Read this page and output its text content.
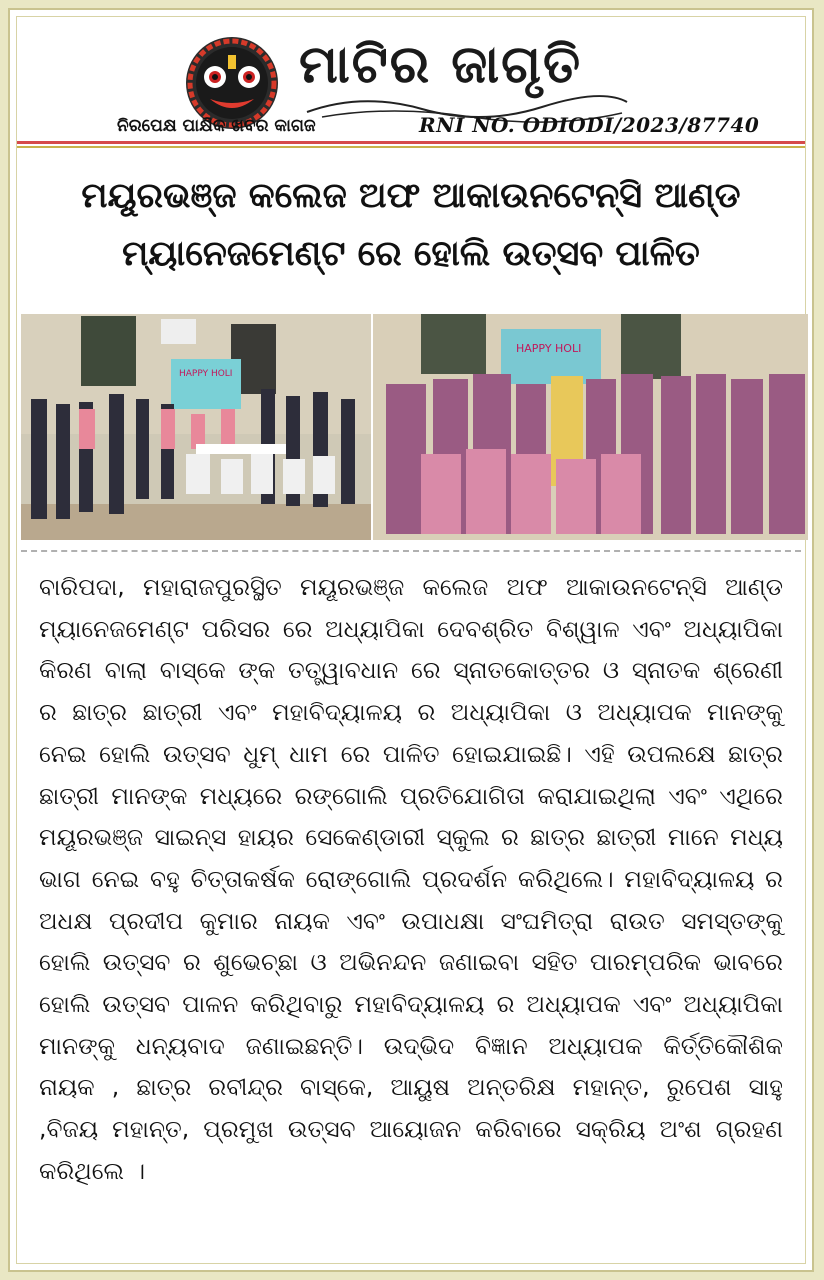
ମାଟିର ଜାଗୃତି
ନିରପେକ୍ଷ ପାକ୍ଷିକ ଖବର କାଗଜ	RNI NO. ODIODI/2023/87740
ମୟୂରଭଞ୍ଜ କଲେଜ ଅଫ ଆକାଉନଟେନ୍ସି ଆଣ୍ଡ ମ୍ୟାନେଜମେଣ୍ଟ ରେ ହୋଲି ଉତ୍ସବ ପାଳିତ
HAPPY HOLI
HAPPY HOLI
ବାରିପଦା, ମହାରାଜପୁରସ୍ଥିତ ମୟୂରଭଞ୍ଜ କଲେଜ ଅଫ ଆକାଉନଟେନ୍ସି ଆଣ୍ଡ ମ୍ୟାନେଜମେଣ୍ଟ ପରିସର ରେ ଅଧ୍ୟାପିକା ଦେବଶ୍ରିତ ବିଶ୍ୱାଳ ଏବଂ ଅଧ୍ୟାପିକା କିରଣ ବାଲା ବାସ୍କେ ଙ୍କ ତତ୍ତ୍ୱାବଧାନ ରେ ସ୍ନାତକୋତ୍ତର ଓ ସ୍ନାତକ ଶ୍ରେଣୀ ର ଛାତ୍ର ଛାତ୍ରୀ ଏବଂ ମହାବିଦ୍ୟାଳୟ ର ଅଧ୍ୟାପିକା ଓ ଅଧ୍ୟାପକ ମାନଙ୍କୁ ନେଇ ହୋଲି ଉତ୍ସବ ଧୁମ୍ ଧାମ ରେ ପାଳିତ ହୋଇଯାଇଛି। ଏହି ଉପଲକ୍ଷେ ଛାତ୍ର ଛାତ୍ରୀ ମାନଙ୍କ ମଧ୍ୟରେ ରଙ୍ଗୋଲି ପ୍ରତିଯୋଗିତା କରାଯାଇଥିଲା ଏବଂ ଏଥିରେ ମୟୂରଭଞ୍ଜ ସାଇନ୍ସ ହାୟର ସେକେଣ୍ଡାରୀ ସ୍କୁଲ ର ଛାତ୍ର ଛାତ୍ରୀ ମାନେ ମଧ୍ୟ ଭାଗ ନେଇ ବହୁ ଚିତ୍ତାକର୍ଷକ ରୋଙ୍ଗୋଲି ପ୍ରଦର୍ଶନ କରିଥିଲେ। ମହାବିଦ୍ୟାଳୟ ର ଅଧକ୍ଷ ପ୍ରଦୀପ କୁମାର ନାୟକ ଏବଂ ଉପାଧକ୍ଷା ସଂଘମିତ୍ରା ରାଉତ ସମସ୍ତଙ୍କୁ ହୋଲି ଉତ୍ସବ ର ଶୁଭେଚ୍ଛା ଓ ଅଭିନନ୍ଦନ ଜଣାଇବା ସହିତ ପାରମ୍ପରିକ ଭାବରେ ହୋଲି ଉତ୍ସବ ପାଳନ କରିଥିବାରୁ ମହାବିଦ୍ୟାଳୟ ର ଅଧ୍ୟାପକ ଏବଂ ଅଧ୍ୟାପିକା ମାନଙ୍କୁ ଧନ୍ୟବାଦ ଜଣାଇଛନ୍ତି। ଉଦ୍ଭିଦ ବିଜ୍ଞାନ ଅଧ୍ୟାପକ କିର୍ତ୍ତିକୌଶିକ ନାୟକ , ଛାତ୍ର ରବୀନ୍ଦ୍ର ବାସ୍କେ, ଆୟୁଷ ଅନ୍ତରିକ୍ଷ ମହାନ୍ତ, ରୁପେଶ ସାହୁ ,ବିଜୟ ମହାନ୍ତ, ପ୍ରମୁଖ ଉତ୍ସବ ଆୟୋଜନ କରିବାରେ ସକ୍ରିୟ ଅଂଶ ଗ୍ରହଣ କରିଥିଲେ ।
